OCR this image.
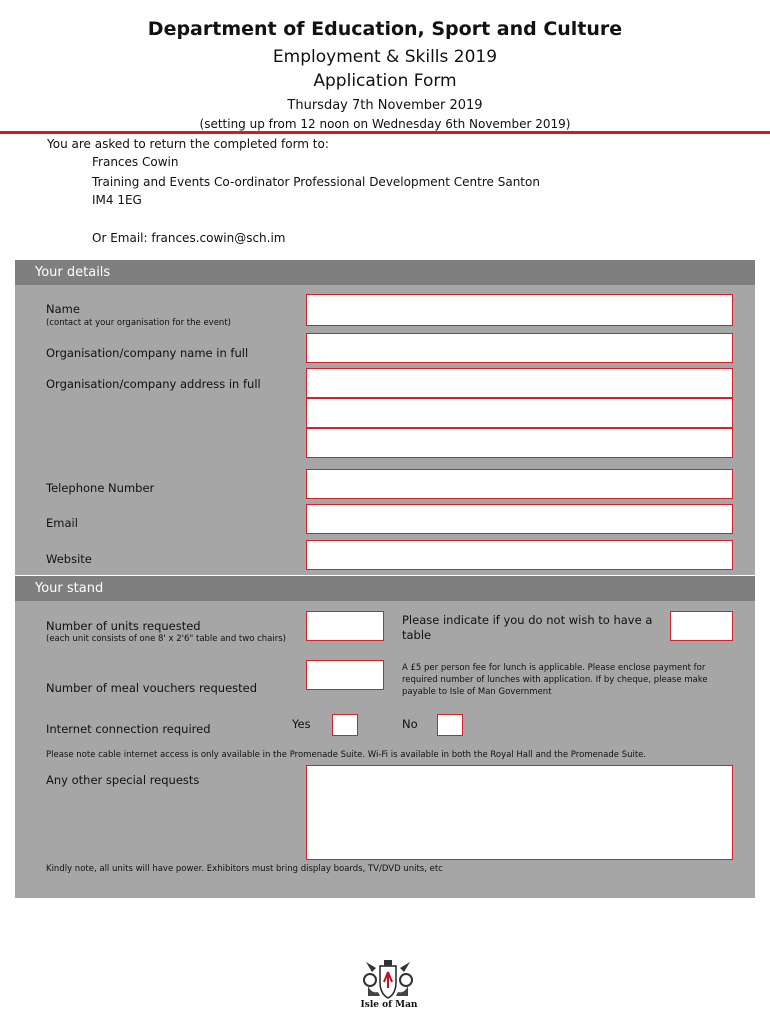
Department of Education, Sport and Culture
Employment & Skills 2019
Application Form
Thursday 7th November 2019
(setting up from 12 noon on Wednesday 6th November 2019)
You are asked to return the completed form to:
Frances Cowin
Training and Events Co-ordinator Professional Development Centre Santon
IM4 1EG
Or Email: frances.cowin@sch.im
Your details
Name
(contact at your organisation for the event)
Organisation/company name in full
Organisation/company address in full
Telephone Number
Email
Website
Your stand
Number of units requested
(each unit consists of one 8' x 2'6" table and two chairs)
Please indicate if you do not wish to have a table
Number of meal vouchers requested
A £5 per person fee for lunch is applicable. Please enclose payment for required number of lunches with application. If by cheque, please make payable to Isle of Man Government
Internet connection required	Yes	No
Please note cable internet access is only available in the Promenade Suite. Wi-Fi is available in both the Royal Hall and the Promenade Suite.
Any other special requests
Kindly note, all units will have power. Exhibitors must bring display boards, TV/DVD units, etc
Isle of Man
